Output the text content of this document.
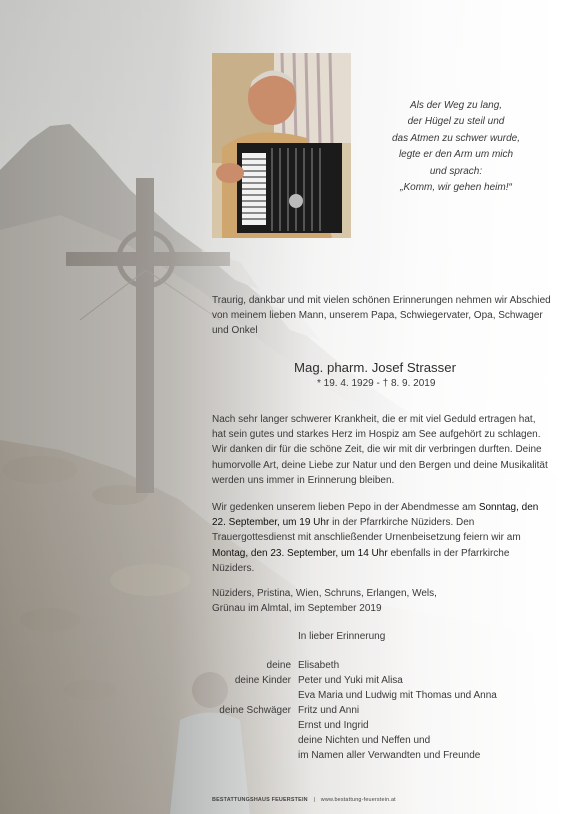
Als der Weg zu lang,
der Hügel zu steil und
das Atmen zu schwer wurde,
legte er den Arm um mich
und sprach:
„Komm, wir gehen heim!“
Traurig, dankbar und mit vielen schönen Erinnerungen nehmen wir Abschied von meinem lieben Mann, unserem Papa, Schwiegervater, Opa, Schwager und Onkel
Mag. pharm. Josef Strasser
* 19. 4. 1929 - † 8. 9. 2019
Nach sehr langer schwerer Krankheit, die er mit viel Geduld ertragen hat, hat sein gutes und starkes Herz im Hospiz am See aufgehört zu schlagen. Wir danken dir für die schöne Zeit, die wir mit dir verbringen durften. Deine humorvolle Art, deine Liebe zur Natur und den Bergen und deine Musikalität werden uns immer in Erinnerung bleiben.
Wir gedenken unserem lieben Pepo in der Abendmesse am Sonntag, den 22. September, um 19 Uhr in der Pfarrkirche Nüziders. Den Trauergottesdienst mit anschließender Urnenbeisetzung feiern wir am Montag, den 23. September, um 14 Uhr ebenfalls in der Pfarrkirche Nüziders.
Nüziders, Pristina, Wien, Schruns, Erlangen, Wels,
Grünau im Almtal, im September 2019
In lieber Erinnerung
deine Elisabeth
deine Kinder Peter und Yuki mit Alisa
Eva Maria und Ludwig mit Thomas und Anna
deine Schwäger Fritz und Anni
Ernst und Ingrid
deine Nichten und Neffen und
im Namen aller Verwandten und Freunde
BESTATTUNGSHAUS FEUERSTEIN | www.bestattung-feuerstein.at
